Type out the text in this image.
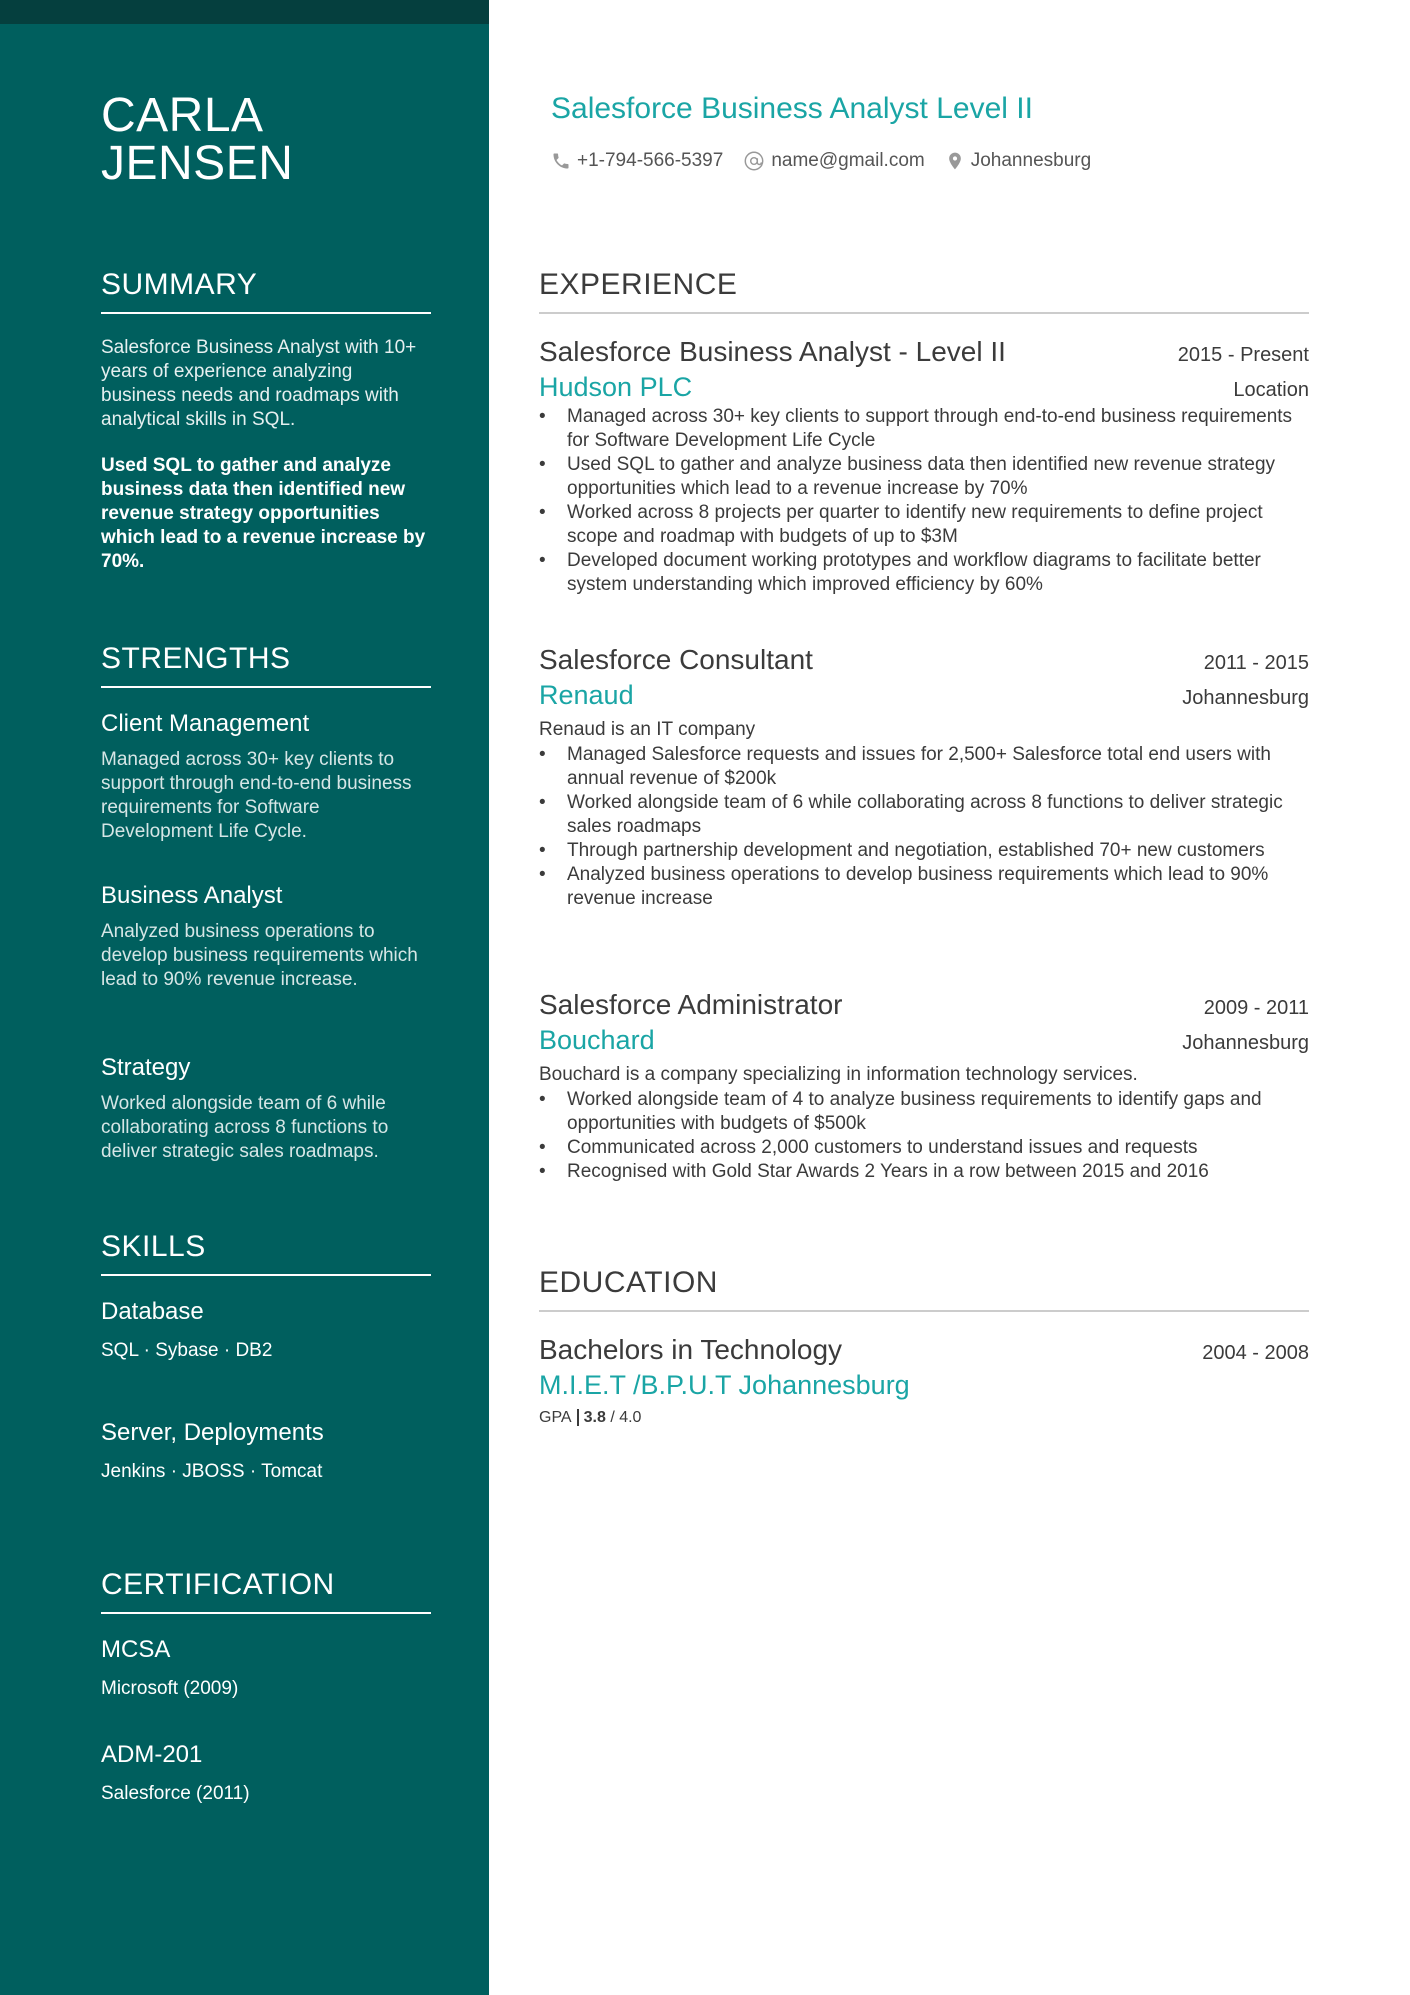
CARLA
JENSEN
SUMMARY

Salesforce Business Analyst with 10+ years of experience analyzing business needs and roadmaps with analytical skills in SQL.

Used SQL to gather and analyze business data then identified new revenue strategy opportunities which lead to a revenue increase by 70%.

STRENGTHS

Client Management

Managed across 30+ key clients to support through end-to-end business requirements for Software Development Life Cycle.

Business Analyst

Analyzed business operations to develop business requirements which lead to 90% revenue increase.

Strategy

Worked alongside team of 6 while collaborating across 8 functions to deliver strategic sales roadmaps.

SKILLS

Database

SQL · Sybase · DB2

Server, Deployments

Jenkins · JBOSS · Tomcat
CERTIFICATION

MCSA

Microsoft (2009)

ADM-201

Salesforce (2011)
Salesforce Business Analyst Level II
+1-794-566-5397	name@gmail.com Johannesburg
EXPERIENCE
Salesforce Business Analyst - Level II	2015 - Present
Hudson PLC	Location
• Managed across 30+ key clients to support through end-to-end business requirements for Software Development Life Cycle
• Used SQL to gather and analyze business data then identified new revenue strategy opportunities which lead to a revenue increase by 70%
• Worked across 8 projects per quarter to identify new requirements to define project scope and roadmap with budgets of up to $3M
• Developed document working prototypes and workflow diagrams to facilitate better system understanding which improved efficiency by 60%
Salesforce Consultant	2011 - 2015
Renaud	Johannesburg

Renaud is an IT company

• Managed Salesforce requests and issues for 2,500+ Salesforce total end users with annual revenue of $200k
• Worked alongside team of 6 while collaborating across 8 functions to deliver strategic sales roadmaps
• Through partnership development and negotiation, established 70+ new customers
• Analyzed business operations to develop business requirements which lead to 90% revenue increase
Salesforce Administrator	2009 - 2011
Bouchard	Johannesburg

Bouchard is a company specializing in information technology services.

• Worked alongside team of 4 to analyze business requirements to identify gaps and opportunities with budgets of $500k
• Communicated across 2,000 customers to understand issues and requests
• Recognised with Gold Star Awards 2 Years in a row between 2015 and 2016
EDUCATION
Bachelors in Technology	2004 - 2008
M.I.E.T /B.P.U.T Johannesburg
GPA 3.8 / 4.0
